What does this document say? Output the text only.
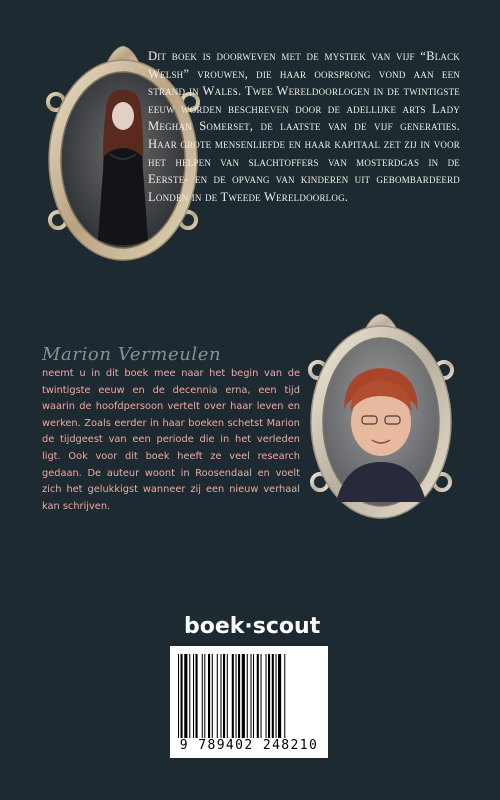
Dit boek is doorweven met de mystiek van vijf “Black Welsh” vrouwen, die haar oorsprong vond aan een strand in Wales. Twee Wereldoorlogen in de twintigste eeuw worden beschreven door de adellijke arts Lady Meghan Somerset, de laatste van de vijf generaties. Haar grote mensenliefde en haar kapitaal zet zij in voor het helpen van slachtoffers van mosterdgas in de Eerste- en de opvang van kinderen uit gebombardeerd Londen in de Tweede Wereldoorlog.

Marion Vermeulen

neemt u in dit boek mee naar het begin van de twintigste eeuw en de decennia erna, een tijd waarin de hoofdpersoon vertelt over haar leven en werken. Zoals eerder in haar boeken schetst Marion de tijdgeest van een periode die in het verleden ligt. Ook voor dit boek heeft ze veel research gedaan. De auteur woont in Roosendaal en voelt zich het gelukkigst wanneer zij een nieuw verhaal kan schrijven.

boek·scout
9 789402 248210
